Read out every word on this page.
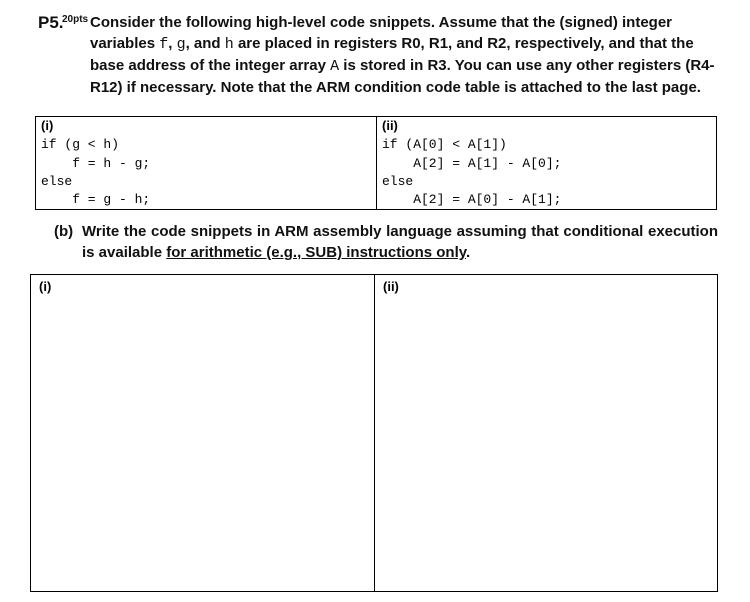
P5.
20pts Consider the following high-level code snippets. Assume that the (signed) integer variables f, g, and h are placed in registers R0, R1, and R2, respectively, and that the base address of the integer array A is stored in R3. You can use any other registers (R4-R12) if necessary. Note that the ARM condition code table is attached to the last page.
(i)
if (g < h)
f = h - g;
else
f = g - h;
(ii)
if (A[0] < A[1])
A[2] = A[1] - A[0];
else
A[2] = A[0] - A[1];
(b) Write the code snippets in ARM assembly language assuming that conditional execution is available for arithmetic (e.g., SUB) instructions only.
(i)	(ii)
